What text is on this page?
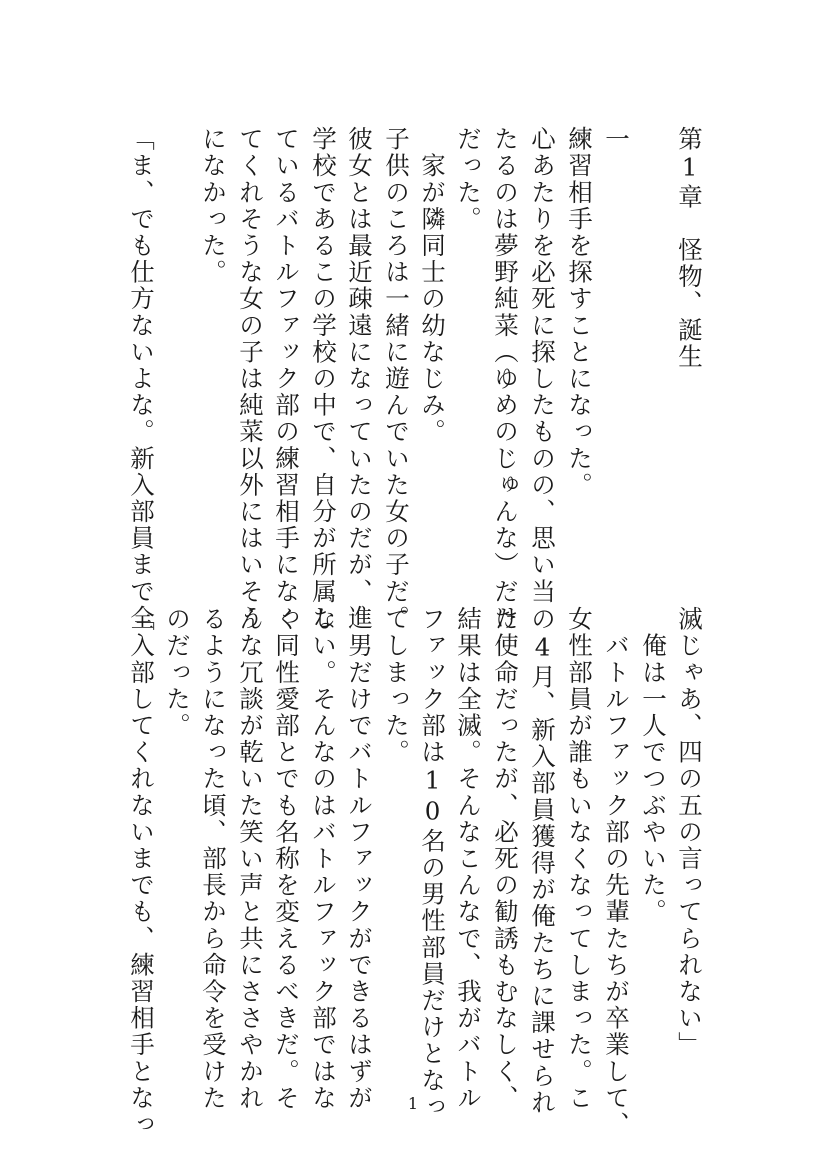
第1章　怪物、誕生
一
練習相手を探すことになった。
心あたりを必死に探したものの、思い当
たるのは夢野純菜（ゆめのじゅんな）だけ
だった。
　家が隣同士の幼なじみ。
子供のころは一緒に遊んでいた女の子だ。
彼女とは最近疎遠になっていたのだが、進
学校であるこの学校の中で、自分が所属し
ているバトルファック部の練習相手になっ
てくれそうな女の子は純菜以外にはいそう
になかった。
「ま、でも仕方ないよな。新入部員まで全
滅じゃあ、四の五の言ってられない」
　俺は一人でつぶやいた。
　バトルファック部の先輩たちが卒業して、
女性部員が誰もいなくなってしまった。こ
の4月、新入部員獲得が俺たちに課せられ
た使命だったが、必死の勧誘もむなしく、
結果は全滅。そんなこんなで、我がバトル
ファック部は10名の男性部員だけとなっ
てしまった。
　男だけでバトルファックができるはずが
ない。そんなのはバトルファック部ではな
く同性愛部とでも名称を変えるべきだ。そ
んな冗談が乾いた笑い声と共にささやかれ
るようになった頃、部長から命令を受けた
のだった。
「入部してくれないまでも、練習相手となっ	1
